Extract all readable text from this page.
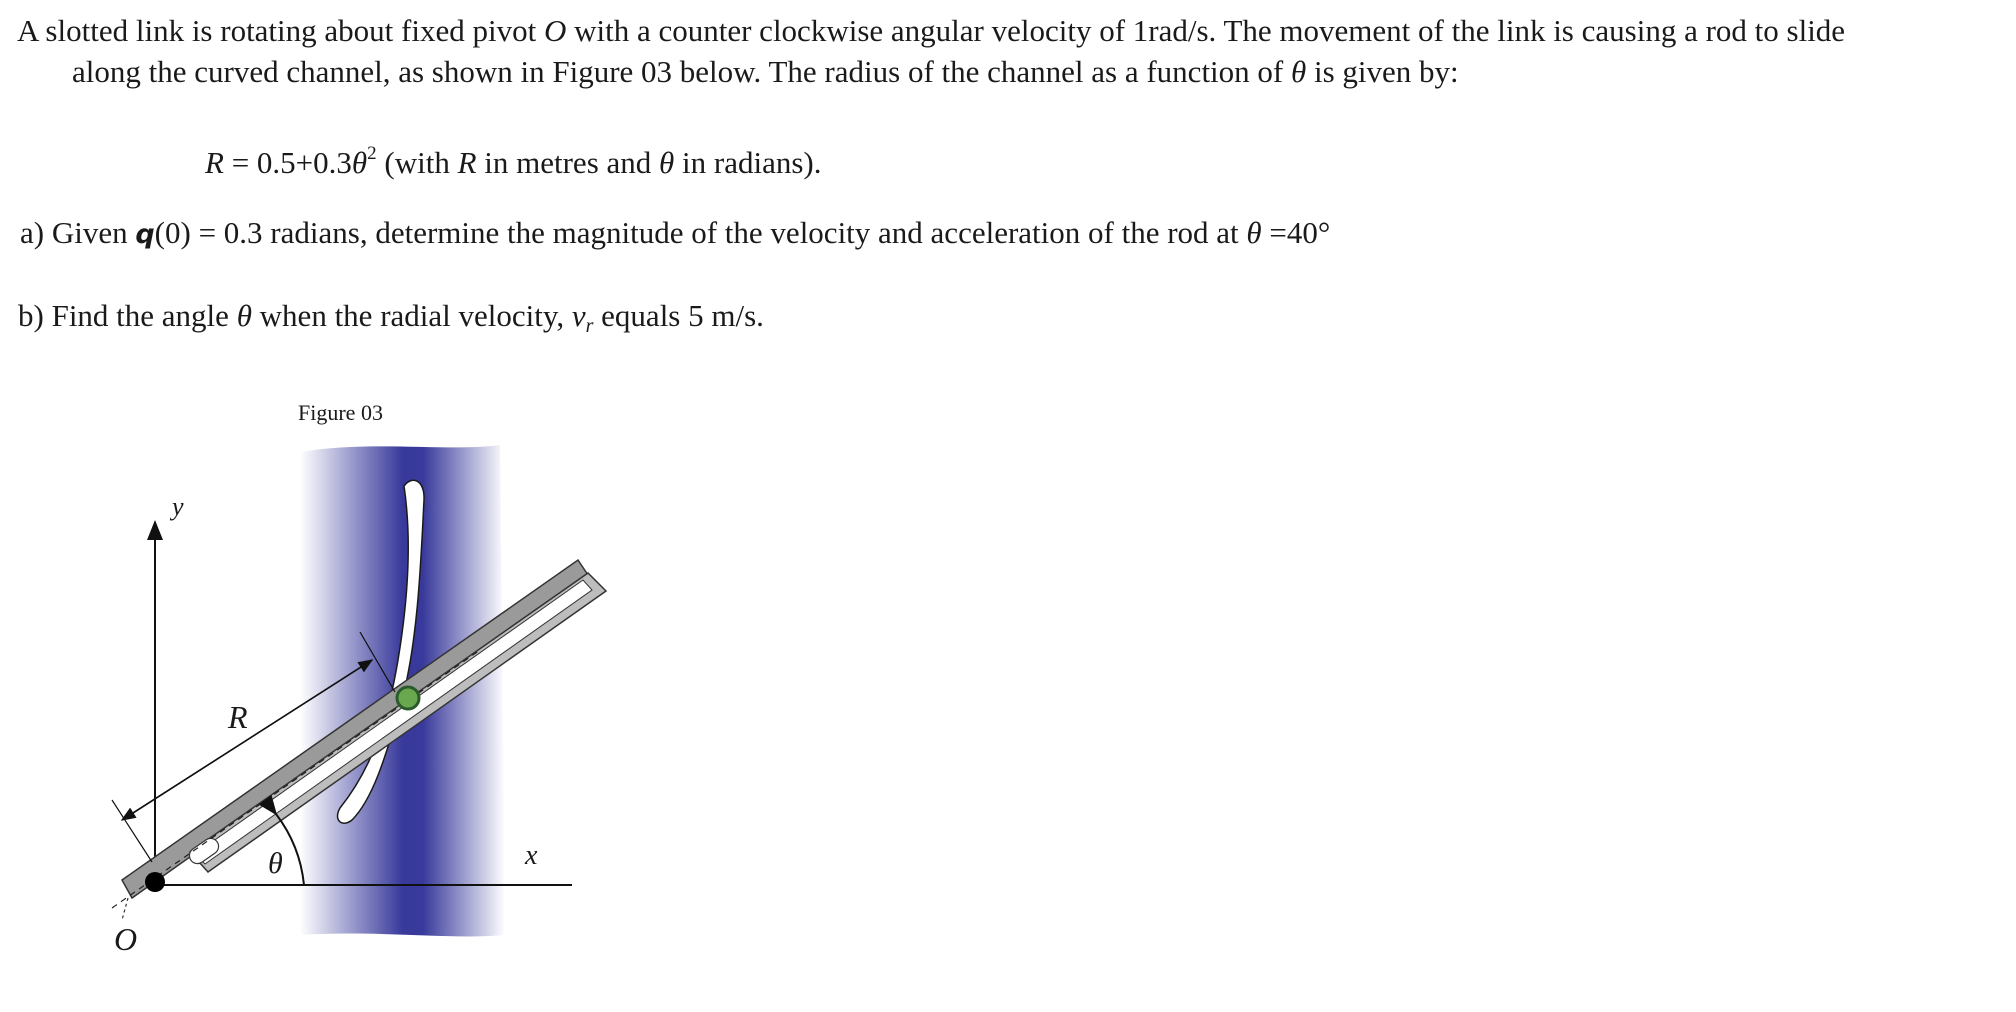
A slotted link is rotating about fixed pivot O with a counter clockwise angular velocity of 1rad/s. The movement of the link is causing a rod to slide
along the curved channel, as shown in Figure 03 below. The radius of the channel as a function of θ is given by:
$R = 0.5+0.3\theta^2$ (with R in metres and θ in radians).
a) Given q(0) = 0.3 radians, determine the magnitude of the velocity and acceleration of the rod at θ =40°
b) Find the angle θ when the radial velocity, $v_r$ equals 5 m/s.
Figure 03
y
x
R
θ
O
